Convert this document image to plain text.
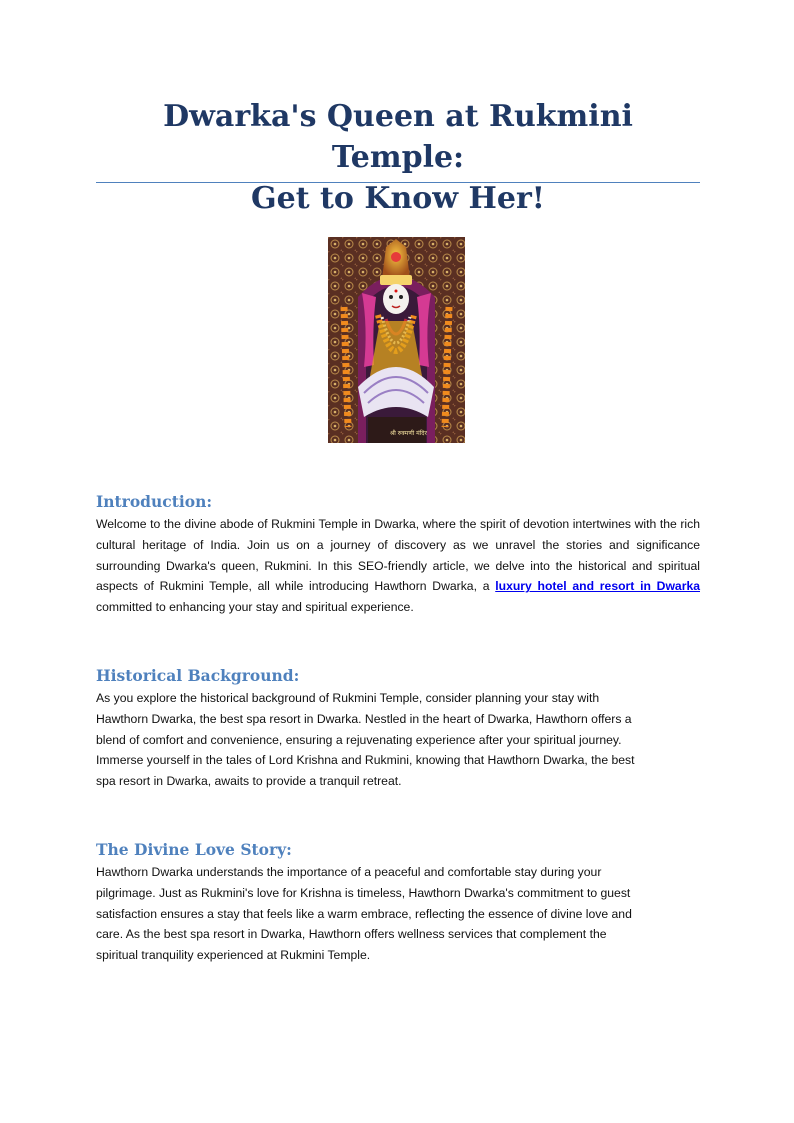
Dwarka's Queen at Rukmini Temple:
Get to Know Her!
श्री रुक्मणी मंदिर
Introduction:

Welcome to the divine abode of Rukmini Temple in Dwarka, where the spirit of devotion intertwines with the rich cultural heritage of India. Join us on a journey of discovery as we unravel the stories and significance surrounding Dwarka's queen, Rukmini. In this SEO-friendly article, we delve into the historical and spiritual aspects of Rukmini Temple, all while introducing Hawthorn Dwarka, a luxury hotel and resort in Dwarka committed to enhancing your stay and spiritual experience.

Historical Background:

As you explore the historical background of Rukmini Temple, consider planning your stay with
Hawthorn Dwarka, the best spa resort in Dwarka. Nestled in the heart of Dwarka, Hawthorn offers a
blend of comfort and convenience, ensuring a rejuvenating experience after your spiritual journey.
Immerse yourself in the tales of Lord Krishna and Rukmini, knowing that Hawthorn Dwarka, the best
spa resort in Dwarka, awaits to provide a tranquil retreat.

The Divine Love Story:

Hawthorn Dwarka understands the importance of a peaceful and comfortable stay during your
pilgrimage. Just as Rukmini's love for Krishna is timeless, Hawthorn Dwarka's commitment to guest
satisfaction ensures a stay that feels like a warm embrace, reflecting the essence of divine love and
care. As the best spa resort in Dwarka, Hawthorn offers wellness services that complement the
spiritual tranquility experienced at Rukmini Temple.
